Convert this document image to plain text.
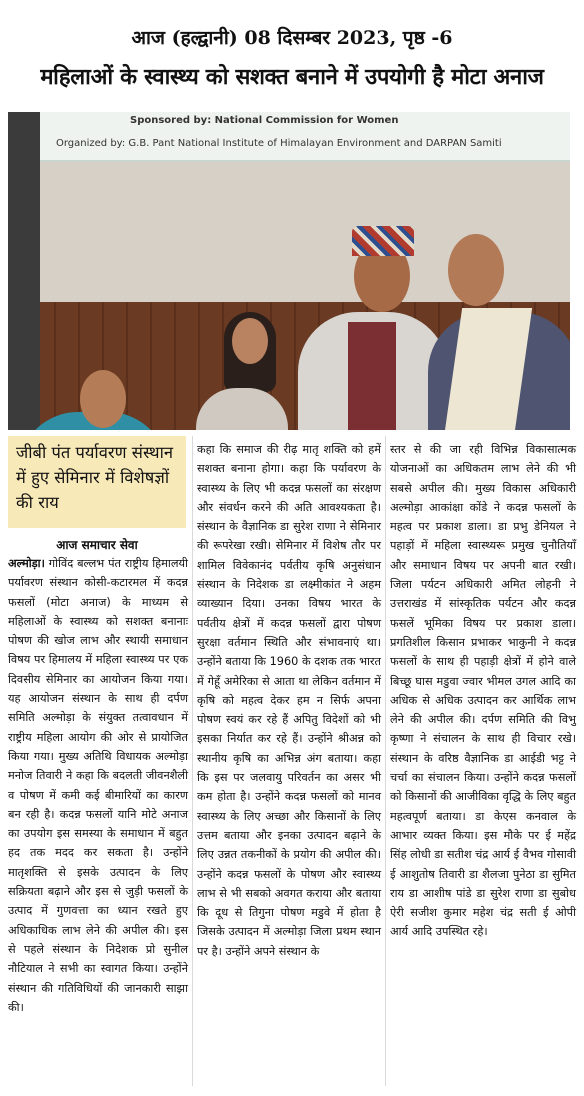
आज (हल्द्वानी) 08 दिसम्बर 2023, पृष्ठ -6
महिलाओं के स्वास्थ्य को सशक्त बनाने में उपयोगी है मोटा अनाज
Sponsored by: National Commission for Women
Organized by: G.B. Pant National Institute of Himalayan Environment and DARPAN Samiti
जीबी पंत पर्यावरण संस्थान में हुए सेमिनार में विशेषज्ञों की राय
आज समाचार सेवा

अल्मोड़ा। गोविंद बल्लभ पंत राष्ट्रीय हिमालयी पर्यावरण संस्थान कोसी-कटारमल में कदन्न फसलों (मोटा अनाज) के माध्यम से महिलाओं के स्वास्थ्य को सशक्त बनानाः पोषण की खोज लाभ और स्थायी समाधान विषय पर हिमालय में महिला स्वास्थ्य पर एक दिवसीय सेमिनार का आयोजन किया गया। यह आयोजन संस्थान के साथ ही दर्पण समिति अल्मोड़ा के संयुक्त तत्वावधान में राष्ट्रीय महिला आयोग की ओर से प्रायोजित किया गया। मुख्य अतिथि विधायक अल्मोड़ा मनोज तिवारी ने कहा कि बदलती जीवनशैली व पोषण में कमी कई बीमारियों का कारण बन रही है। कदन्न फसलों यानि मोटे अनाज का उपयोग इस समस्या के समाधान में बहुत हद तक मदद कर सकता है। उन्होंने मातृशक्ति से इसके उत्पादन के लिए सक्रियता बढ़ाने और इस से जुड़ी फसलों के उत्पाद में गुणवत्ता का ध्यान रखते हुए अधिकाधिक लाभ लेने की अपील की। इस से पहले संस्थान के निदेशक प्रो सुनील नौटियाल ने सभी का स्वागत किया। उन्होंने संस्थान की गतिविधियों की जानकारी साझा की।

कहा कि समाज की रीढ़ मातृ शक्ति को हमें सशक्त बनाना होगा। कहा कि पर्यावरण के स्वास्थ्य के लिए भी कदन्न फसलों का संरक्षण और संवर्धन करने की अति आवश्यकता है। संस्थान के वैज्ञानिक डा सुरेश राणा ने सेमिनार की रूपरेखा रखी। सेमिनार में विशेष तौर पर शामिल विवेकानंद पर्वतीय कृषि अनुसंधान संस्थान के निदेशक डा लक्ष्मीकांत ने अहम व्याख्यान दिया। उनका विषय भारत के पर्वतीय क्षेत्रों में कदन्न फसलों द्वारा पोषण सुरक्षा वर्तमान स्थिति और संभावनाएं था। उन्होंने बताया कि 1960 के दशक तक भारत में गेहूँ अमेरिका से आता था लेकिन वर्तमान में कृषि को महत्व देकर हम न सिर्फ अपना पोषण स्वयं कर रहे हैं अपितु विदेशों को भी इसका निर्यात कर रहे हैं। उन्होंने श्रीअन्न को स्थानीय कृषि का अभिन्न अंग बताया। कहा कि इस पर जलवायु परिवर्तन का असर भी कम होता है। उन्होंने कदन्न फसलों को मानव स्वास्थ्य के लिए अच्छा और किसानों के लिए उत्तम बताया और इनका उत्पादन बढ़ाने के लिए उन्नत तकनीकों के प्रयोग की अपील की। उन्होंने कदन्न फसलों के पोषण और स्वास्थ्य लाभ से भी सबको अवगत कराया और बताया कि दूध से तिगुना पोषण मडुवे में होता है जिसके उत्पादन में अल्मोड़ा जिला प्रथम स्थान पर है। उन्होंने अपने संस्थान के

स्तर से की जा रही विभिन्न विकासात्मक योजनाओं का अधिकतम लाभ लेने की भी सबसे अपील की। मुख्य विकास अधिकारी अल्मोड़ा आकांक्षा कोंडे ने कदन्न फसलों के महत्व पर प्रकाश डाला। डा प्रभु डेनियल ने पहाड़ों में महिला स्वास्थ्यरू प्रमुख चुनौतियाँ और समाधान विषय पर अपनी बात रखी। जिला पर्यटन अधिकारी अमित लोहनी ने उत्तराखंड में सांस्कृतिक पर्यटन और कदन्न फसलें भूमिका विषय पर प्रकाश डाला। प्रगतिशील किसान प्रभाकर भाकुनी ने कदन्न फसलों के साथ ही पहाड़ी क्षेत्रों में होने वाले बिच्छू घास मडुवा ज्वार भीमल उगल आदि का अधिक से अधिक उत्पादन कर आर्थिक लाभ लेने की अपील की। दर्पण समिति की विभु कृष्णा ने संचालन के साथ ही विचार रखे। संस्थान के वरिष्ठ वैज्ञानिक डा आईडी भट्ट ने चर्चा का संचालन किया। उन्होंने कदन्न फसलों को किसानों की आजीविका वृद्धि के लिए बहुत महत्वपूर्ण बताया। डा केएस कनवाल के आभार व्यक्त किया। इस मौके पर ई महेंद्र सिंह लोधी डा सतीश चंद्र आर्य ई वैभव गोसावी ई आशुतोष तिवारी डा शैलजा पुनेठा डा सुमित राय डा आशीष पांडे डा सुरेश राणा डा सुबोध ऐरी सजीश कुमार महेश चंद्र सती ई ओपी आर्य आदि उपस्थित रहे।
